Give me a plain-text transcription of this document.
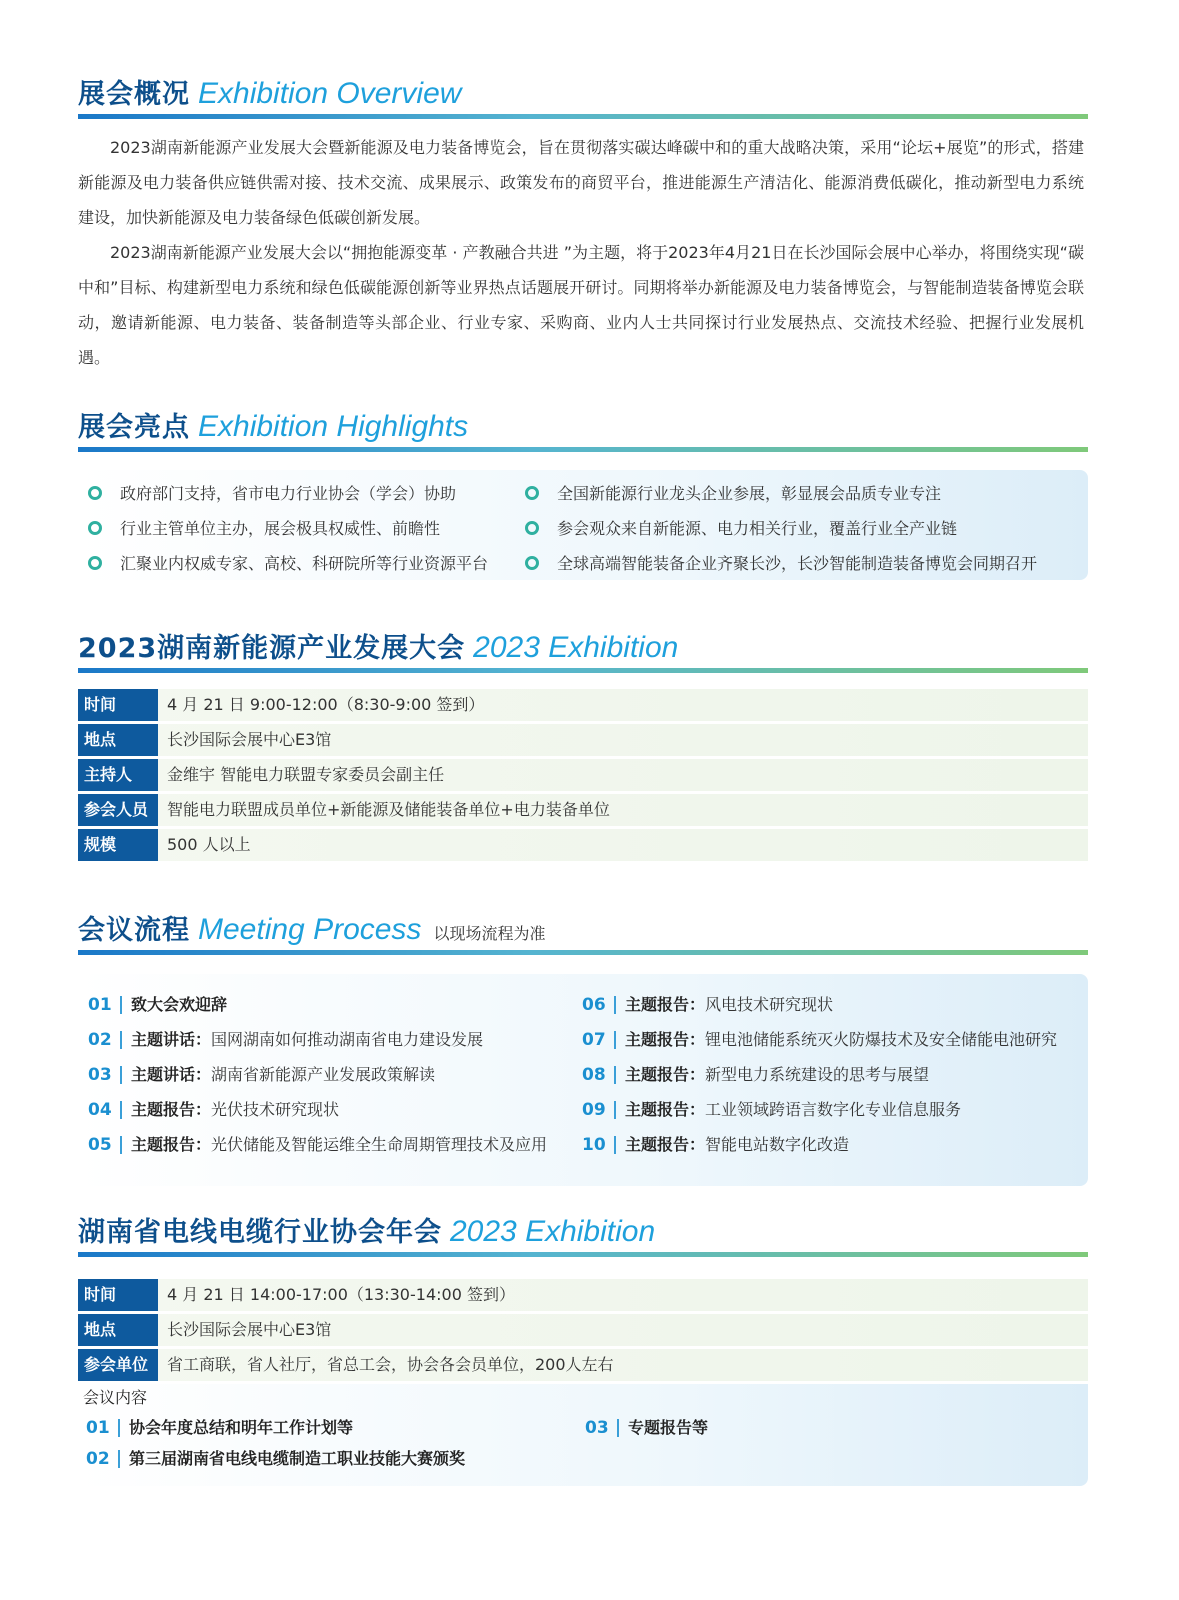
展会概况 Exhibition Overview

2023湖南新能源产业发展大会暨新能源及电力装备博览会，旨在贯彻落实碳达峰碳中和的重大战略决策，采用“论坛+展览”的形式，搭建新能源及电力装备供应链供需对接、技术交流、成果展示、政策发布的商贸平台，推进能源生产清洁化、能源消费低碳化，推动新型电力系统建设，加快新能源及电力装备绿色低碳创新发展。

2023湖南新能源产业发展大会以“拥抱能源变革 · 产教融合共进 ”为主题，将于2023年4月21日在长沙国际会展中心举办，将围绕实现“碳中和”目标、构建新型电力系统和绿色低碳能源创新等业界热点话题展开研讨。同期将举办新能源及电力装备博览会，与智能制造装备博览会联动，邀请新能源、电力装备、装备制造等头部企业、行业专家、采购商、业内人士共同探讨行业发展热点、交流技术经验、把握行业发展机遇。

展会亮点 Exhibition Highlights
政府部门支持，省市电力行业协会（学会）协助
行业主管单位主办，展会极具权威性、前瞻性
汇聚业内权威专家、高校、科研院所等行业资源平台
全国新能源行业龙头企业参展，彰显展会品质专业专注
参会观众来自新能源、电力相关行业，覆盖行业全产业链
全球高端智能装备企业齐聚长沙，长沙智能制造装备博览会同期召开
2023湖南新能源产业发展大会 2023 Exhibition
时间	4 月 21 日 9:00-12:00（8:30-9:00 签到）
地点	长沙国际会展中心E3馆
主持人	金维宇 智能电力联盟专家委员会副主任
参会人员	智能电力联盟成员单位+新能源及储能装备单位+电力装备单位
规模	500 人以上
会议流程 Meeting Process 以现场流程为准
01 致大会欢迎辞
02 主题讲话：国网湖南如何推动湖南省电力建设发展
03 主题讲话：湖南省新能源产业发展政策解读
04 主题报告：光伏技术研究现状
05 主题报告：光伏储能及智能运维全生命周期管理技术及应用
06 主题报告：风电技术研究现状
07 主题报告：锂电池储能系统灭火防爆技术及安全储能电池研究
08 主题报告：新型电力系统建设的思考与展望
09 主题报告：工业领域跨语言数字化专业信息服务
10 主题报告：智能电站数字化改造
湖南省电线电缆行业协会年会 2023 Exhibition
时间	4 月 21 日 14:00-17:00（13:30-14:00 签到）
地点	长沙国际会展中心E3馆
参会单位	省工商联，省人社厅，省总工会，协会各会员单位，200人左右
会议内容
01 协会年度总结和明年工作计划等
02 第三届湖南省电线电缆制造工职业技能大赛颁奖
03 专题报告等
